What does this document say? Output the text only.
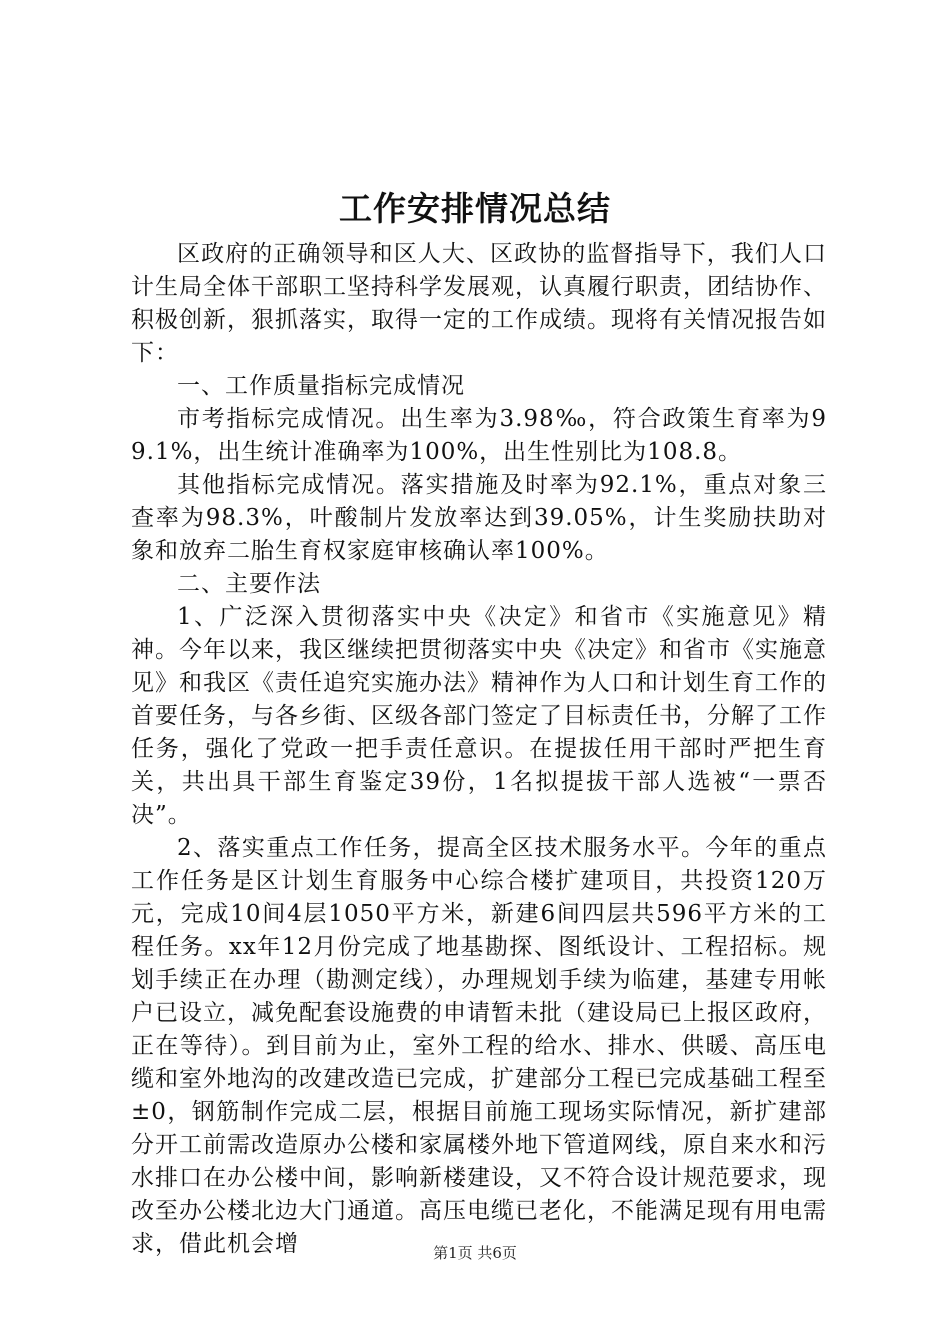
工作安排情况总结

区政府的正确领导和区人大、区政协的监督指导下，我们人口计生局全体干部职工坚持科学发展观，认真履行职责，团结协作、积极创新，狠抓落实，取得一定的工作成绩。现将有关情况报告如下：

一、工作质量指标完成情况

市考指标完成情况。出生率为3.98‰，符合政策生育率为99.1%，出生统计准确率为100%，出生性别比为108.8。

其他指标完成情况。落实措施及时率为92.1%，重点对象三查率为98.3%，叶酸制片发放率达到39.05%，计生奖励扶助对象和放弃二胎生育权家庭审核确认率100%。

二、主要作法

1、广泛深入贯彻落实中央《决定》和省市《实施意见》精神。今年以来，我区继续把贯彻落实中央《决定》和省市《实施意见》和我区《责任追究实施办法》精神作为人口和计划生育工作的首要任务，与各乡街、区级各部门签定了目标责任书，分解了工作任务，强化了党政一把手责任意识。在提拔任用干部时严把生育关，共出具干部生育鉴定39份，1名拟提拔干部人选被“一票否决”。

2、落实重点工作任务，提高全区技术服务水平。今年的重点工作任务是区计划生育服务中心综合楼扩建项目，共投资120万元，完成10间4层1050平方米，新建6间四层共596平方米的工程任务。xx年12月份完成了地基勘探、图纸设计、工程招标。规划手续正在办理（勘测定线），办理规划手续为临建，基建专用帐户已设立，减免配套设施费的申请暂未批（建设局已上报区政府，正在等待）。到目前为止，室外工程的给水、排水、供暖、高压电缆和室外地沟的改建改造已完成，扩建部分工程已完成基础工程至±0，钢筋制作完成二层，根据目前施工现场实际情况，新扩建部分开工前需改造原办公楼和家属楼外地下管道网线，原自来水和污水排口在办公楼中间，影响新楼建设，又不符合设计规范要求，现改至办公楼北边大门通道。高压电缆已老化，不能满足现有用电需求，借此机会增	第1页 共6页
